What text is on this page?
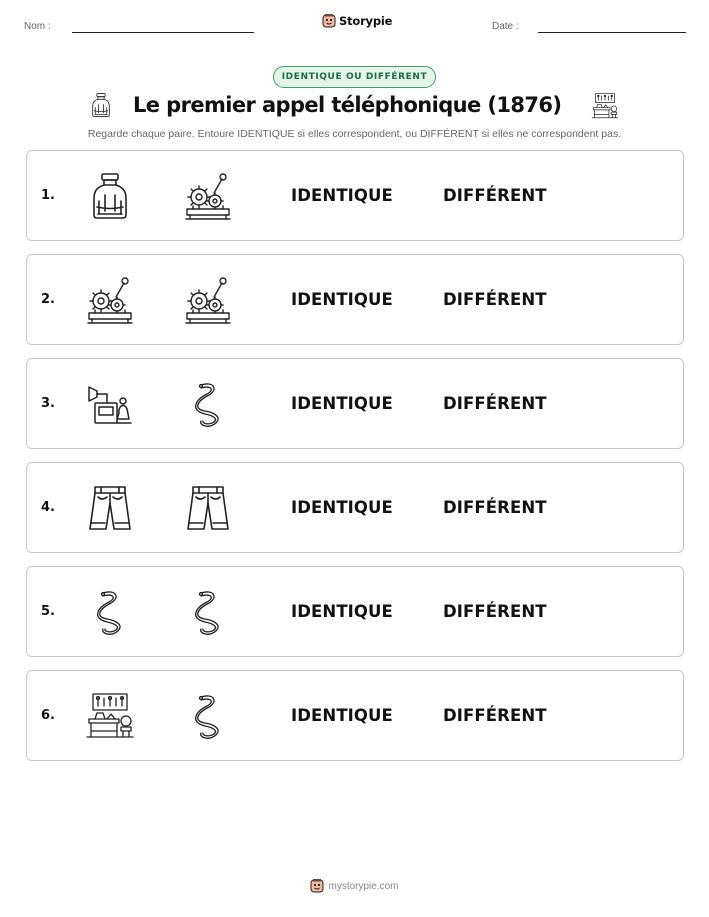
Nom :	Storypie	Date :
IDENTIQUE OU DIFFÉRENT
Le premier appel téléphonique (1876)

Regarde chaque paire. Entoure IDENTIQUE si elles correspondent, ou DIFFÉRENT si elles ne correspondent pas.

1.	IDENTIQUE	DIFFÉRENT
2.	IDENTIQUE	DIFFÉRENT
3.	IDENTIQUE	DIFFÉRENT
4.	IDENTIQUE	DIFFÉRENT
5.	IDENTIQUE	DIFFÉRENT
6.	IDENTIQUE	DIFFÉRENT
mystorypie.com
